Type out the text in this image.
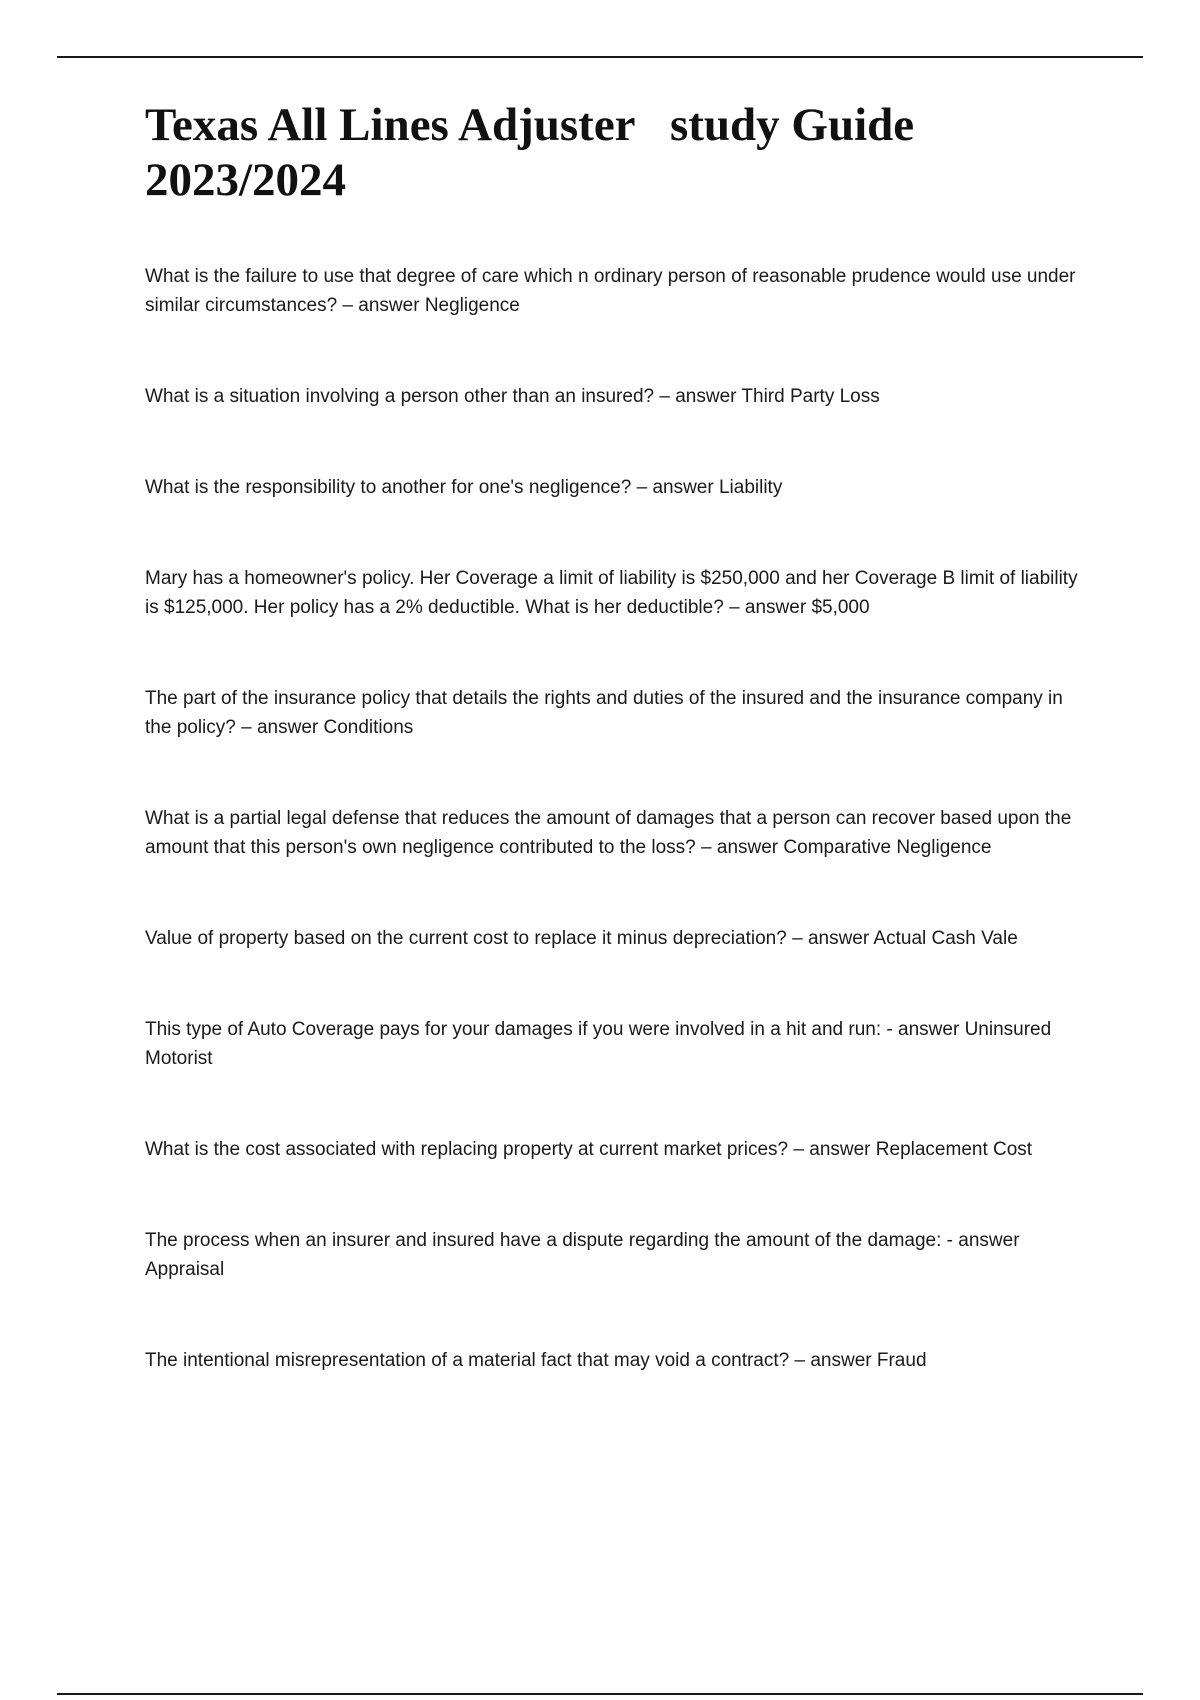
Texas All Lines Adjuster   study Guide 2023/2024
What is the failure to use that degree of care which n ordinary person of reasonable prudence would use under similar circumstances? – answer Negligence
What is a situation involving a person other than an insured? – answer Third Party Loss
What is the responsibility to another for one's negligence? – answer Liability
Mary has a homeowner's policy. Her Coverage a limit of liability is $250,000 and her Coverage B limit of liability is $125,000. Her policy has a 2% deductible. What is her deductible? – answer $5,000
The part of the insurance policy that details the rights and duties of the insured and the insurance company in the policy? – answer Conditions
What is a partial legal defense that reduces the amount of damages that a person can recover based upon the amount that this person's own negligence contributed to the loss? – answer Comparative Negligence
Value of property based on the current cost to replace it minus depreciation? – answer Actual Cash Vale
This type of Auto Coverage pays for your damages if you were involved in a hit and run: - answer Uninsured Motorist
What is the cost associated with replacing property at current market prices? – answer Replacement Cost
The process when an insurer and insured have a dispute regarding the amount of the damage: - answer Appraisal
The intentional misrepresentation of a material fact that may void a contract? – answer Fraud
